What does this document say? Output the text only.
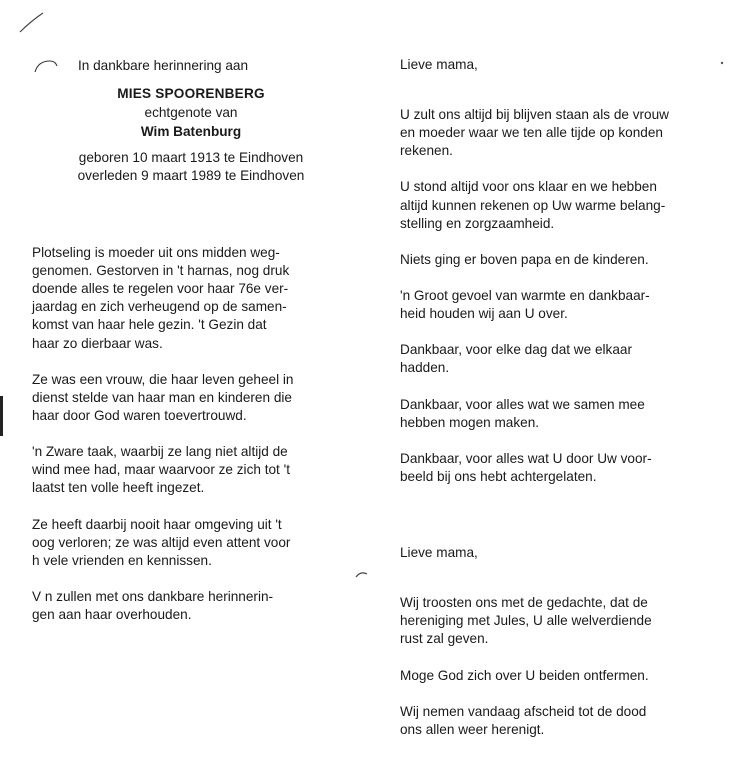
In dankbare herinnering aan
MIES SPOORENBERG
echtgenote van
Wim Batenburg
geboren 10 maart 1913 te Eindhoven
overleden 9 maart 1989 te Eindhoven

Plotseling is moeder uit ons midden weg-
genomen. Gestorven in 't harnas, nog druk
doende alles te regelen voor haar 76e ver-
jaardag en zich verheugend op de samen-
komst van haar hele gezin. 't Gezin dat
haar zo dierbaar was.

Ze was een vrouw, die haar leven geheel in
dienst stelde van haar man en kinderen die
haar door God waren toevertrouwd.

'n Zware taak, waarbij ze lang niet altijd de
wind mee had, maar waarvoor ze zich tot 't
laatst ten volle heeft ingezet.

Ze heeft daarbij nooit haar omgeving uit 't
oog verloren; ze was altijd even attent voor
h vele vrienden en kennissen.

V n zullen met ons dankbare herinnerin-
gen aan haar overhouden.

Lieve mama,

U zult ons altijd bij blijven staan als de vrouw
en moeder waar we ten alle tijde op konden
rekenen.

U stond altijd voor ons klaar en we hebben
altijd kunnen rekenen op Uw warme belang-
stelling en zorgzaamheid.

Niets ging er boven papa en de kinderen.

'n Groot gevoel van warmte en dankbaar-
heid houden wij aan U over.

Dankbaar, voor elke dag dat we elkaar
hadden.

Dankbaar, voor alles wat we samen mee
hebben mogen maken.

Dankbaar, voor alles wat U door Uw voor-
beeld bij ons hebt achtergelaten.

Lieve mama,

Wij troosten ons met de gedachte, dat de
hereniging met Jules, U alle welverdiende
rust zal geven.

Moge God zich over U beiden ontfermen.

Wij nemen vandaag afscheid tot de dood
ons allen weer herenigt.
